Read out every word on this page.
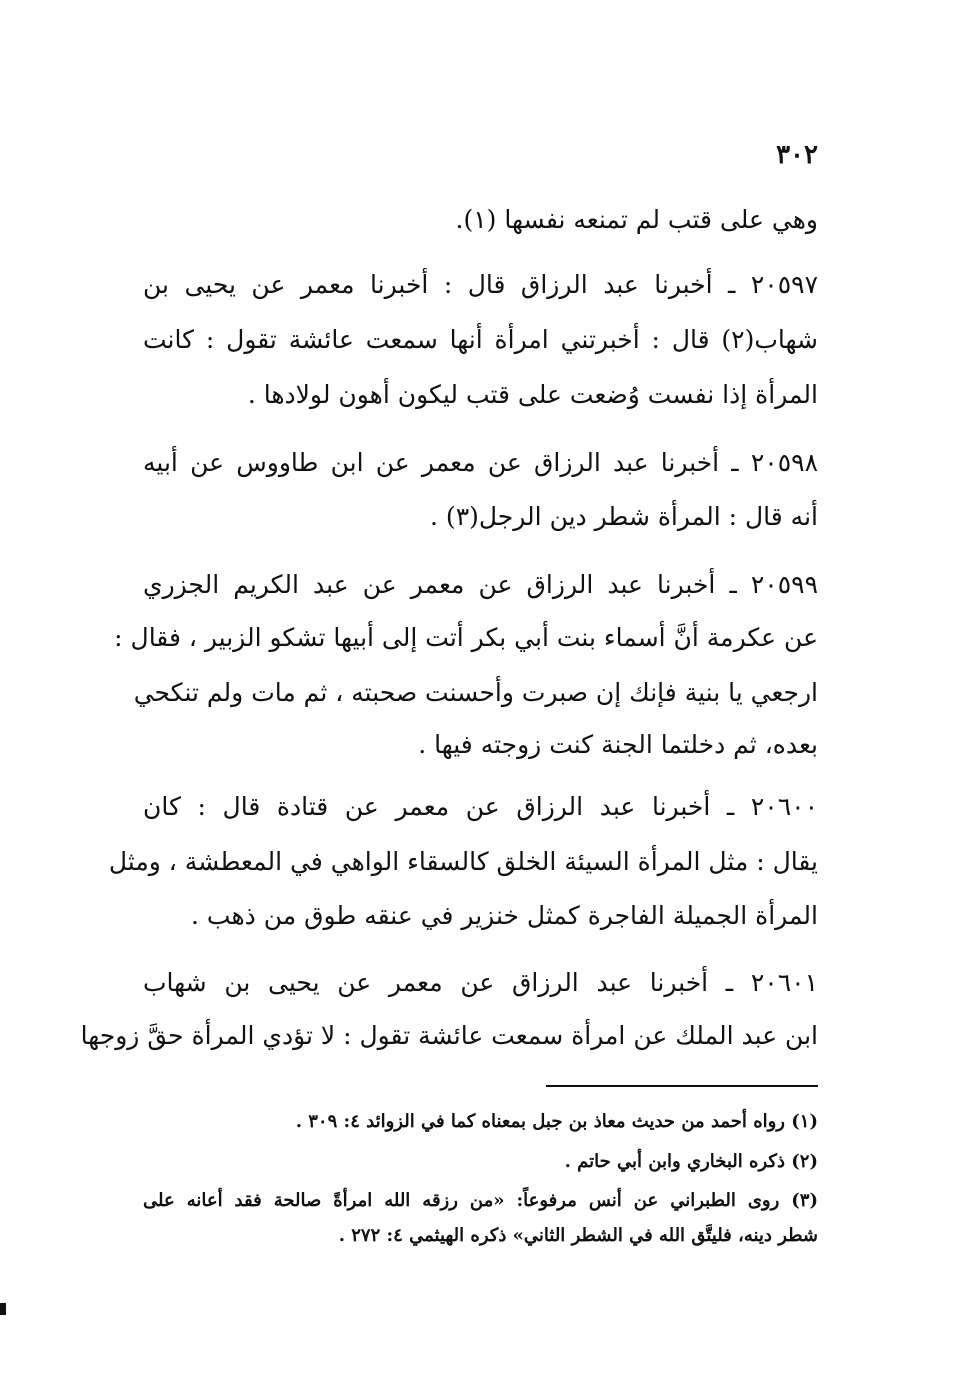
٣٠٢
وهي على قتب لم تمنعه نفسها (١).
٢٠٥٩٧ ـ أخبرنا عبد الرزاق قال : أخبرنا معمر عن يحيى بن
شهاب(٢) قال : أخبرتني امرأة أنها سمعت عائشة تقول : كانت
المرأة إذا نفست وُضعت على قتب ليكون أهون لولادها .
٢٠٥٩٨ ـ أخبرنا عبد الرزاق عن معمر عن ابن طاووس عن أبيه
أنه قال : المرأة شطر دين الرجل(٣) .
٢٠٥٩٩ ـ أخبرنا عبد الرزاق عن معمر عن عبد الكريم الجزري
عن عكرمة أنَّ أسماء بنت أبي بكر أتت إلى أبيها تشكو الزبير ، فقال :
ارجعي يا بنية فإنك إن صبرت وأحسنت صحبته ، ثم مات ولم تنكحي
بعده، ثم دخلتما الجنة كنت زوجته فيها .
٢٠٦٠٠ ـ أخبرنا عبد الرزاق عن معمر عن قتادة قال : كان
يقال : مثل المرأة السيئة الخلق كالسقاء الواهي في المعطشة ، ومثل
المرأة الجميلة الفاجرة كمثل خنزير في عنقه طوق من ذهب .
٢٠٦٠١ ـ أخبرنا عبد الرزاق عن معمر عن يحيى بن شهاب
ابن عبد الملك عن امرأة سمعت عائشة تقول : لا تؤدي المرأة حقَّ زوجها
(١) رواه أحمد من حديث معاذ بن جبل بمعناه كما في الزوائد ٤: ٣٠٩ .
(٢) ذكره البخاري وابن أبي حاتم .
(٣) روى الطبراني عن أنس مرفوعاً: «من رزقه الله امرأةً صالحة فقد أعانه على
شطر دينه، فليتَّق الله في الشطر الثاني» ذكره الهيثمي ٤: ٢٧٢ .
